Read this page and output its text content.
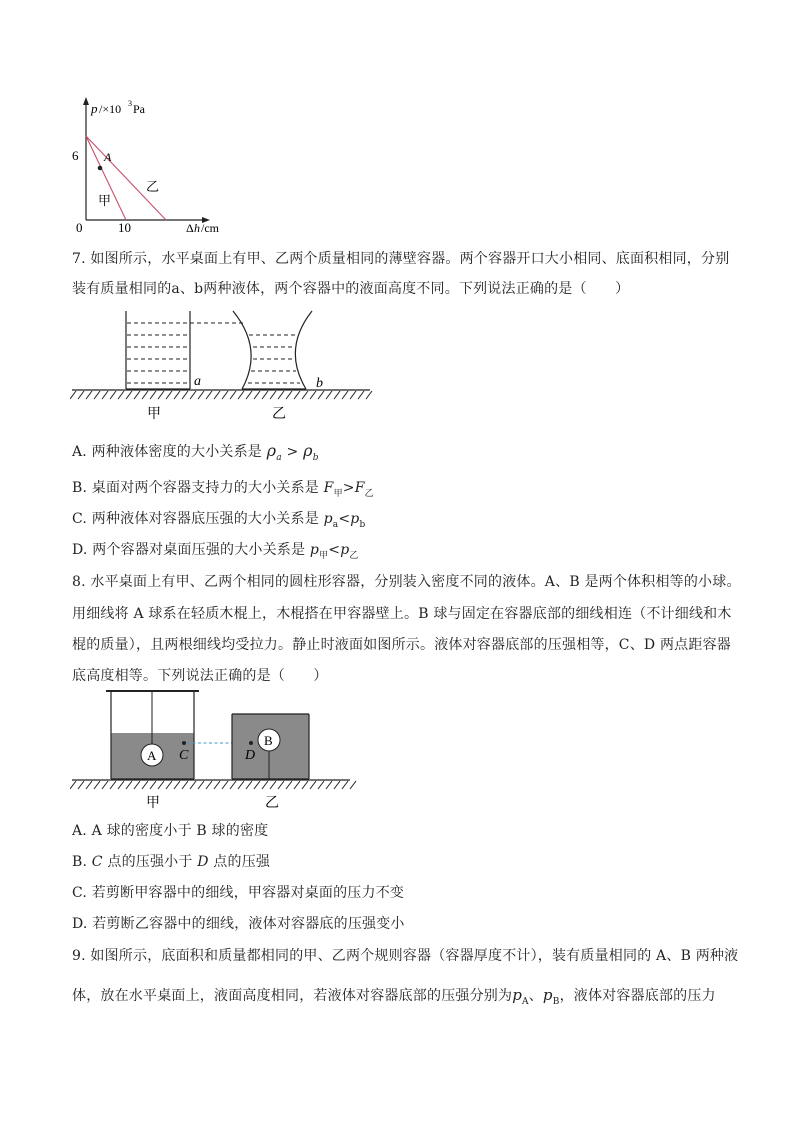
p /×10 3 Pa
6 A
乙
甲
0	10	Δ h /cm
7. 如图所示，水平桌面上有甲、乙两个质量相同的薄壁容器。两个容器开口大小相同、底面积相同，分别
装有质量相同的a、b两种液体，两个容器中的液面高度不同。下列说法正确的是（　　）
a	b
甲	乙
A. 两种液体密度的大小关系是 $\rho_a > \rho_b$
B. 桌面对两个容器支持力的大小关系是 $F_甲>F_乙$
C. 两种液体对容器底压强的大小关系是 $p_a<p_b$
D. 两个容器对桌面压强的大小关系是 $p_甲<p_乙$
8. 水平桌面上有甲、乙两个相同的圆柱形容器，分别装入密度不同的液体。A、B 是两个体积相等的小球。
用细线将 A 球系在轻质木棍上，木棍搭在甲容器壁上。B 球与固定在容器底部的细线相连（不计细线和木
棍的质量），且两根细线均受拉力。静止时液面如图所示。液体对容器底部的压强相等，C、D 两点距容器
底高度相等。下列说法正确的是（　　）
A
B
C	D
甲	乙
A. A 球的密度小于 B 球的密度
B. C 点的压强小于 D 点的压强
C. 若剪断甲容器中的细线，甲容器对桌面的压力不变
D. 若剪断乙容器中的细线，液体对容器底的压强变小
9. 如图所示，底面积和质量都相同的甲、乙两个规则容器（容器厚度不计），装有质量相同的 A、B 两种液
体，放在水平桌面上，液面高度相同，若液体对容器底部的压强分别为$p_A$、$p_B$，液体对容器底部的压力
